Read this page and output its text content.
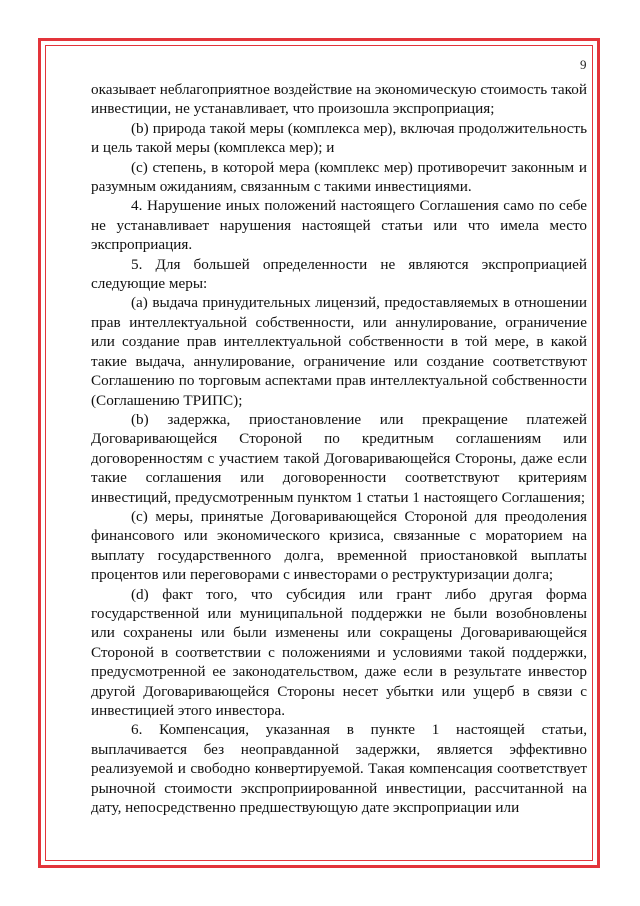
9

оказывает неблагоприятное воздействие на экономическую стоимость такой инвестиции, не устанавливает, что произошла экспроприация;

(b) природа такой меры (комплекса мер), включая продолжительность и цель такой меры (комплекса мер); и

(c) степень, в которой мера (комплекс мер) противоречит законным и разумным ожиданиям, связанным с такими инвестициями.

4. Нарушение иных положений настоящего Соглашения само по себе не устанавливает нарушения настоящей статьи или что имела место экспроприация.

5. Для большей определенности не являются экспроприацией следующие меры:

(a) выдача принудительных лицензий, предоставляемых в отношении прав интеллектуальной собственности, или аннулирование, ограничение или создание прав интеллектуальной собственности в той мере, в какой такие выдача, аннулирование, ограничение или создание соответствуют Соглашению по торговым аспектами прав интеллектуальной собственности (Соглашению ТРИПС);

(b) задержка, приостановление или прекращение платежей Договаривающейся Стороной по кредитным соглашениям или договоренностям с участием такой Договаривающейся Стороны, даже если такие соглашения или договоренности соответствуют критериям инвестиций, предусмотренным пунктом 1 статьи 1 настоящего Соглашения;

(c) меры, принятые Договаривающейся Стороной для преодоления финансового или экономического кризиса, связанные с мораторием на выплату государственного долга, временной приостановкой выплаты процентов или переговорами с инвесторами о реструктуризации долга;

(d) факт того, что субсидия или грант либо другая форма государственной или муниципальной поддержки не были возобновлены или сохранены или были изменены или сокращены Договаривающейся Стороной в соответствии с положениями и условиями такой поддержки, предусмотренной ее законодательством, даже если в результате инвестор другой Договаривающейся Стороны несет убытки или ущерб в связи с инвестицией этого инвестора.

6. Компенсация, указанная в пункте 1 настоящей статьи, выплачивается без неоправданной задержки, является эффективно реализуемой и свободно конвертируемой. Такая компенсация соответствует рыночной стоимости экспроприированной инвестиции, рассчитанной на дату, непосредственно предшествующую дате экспроприации или
